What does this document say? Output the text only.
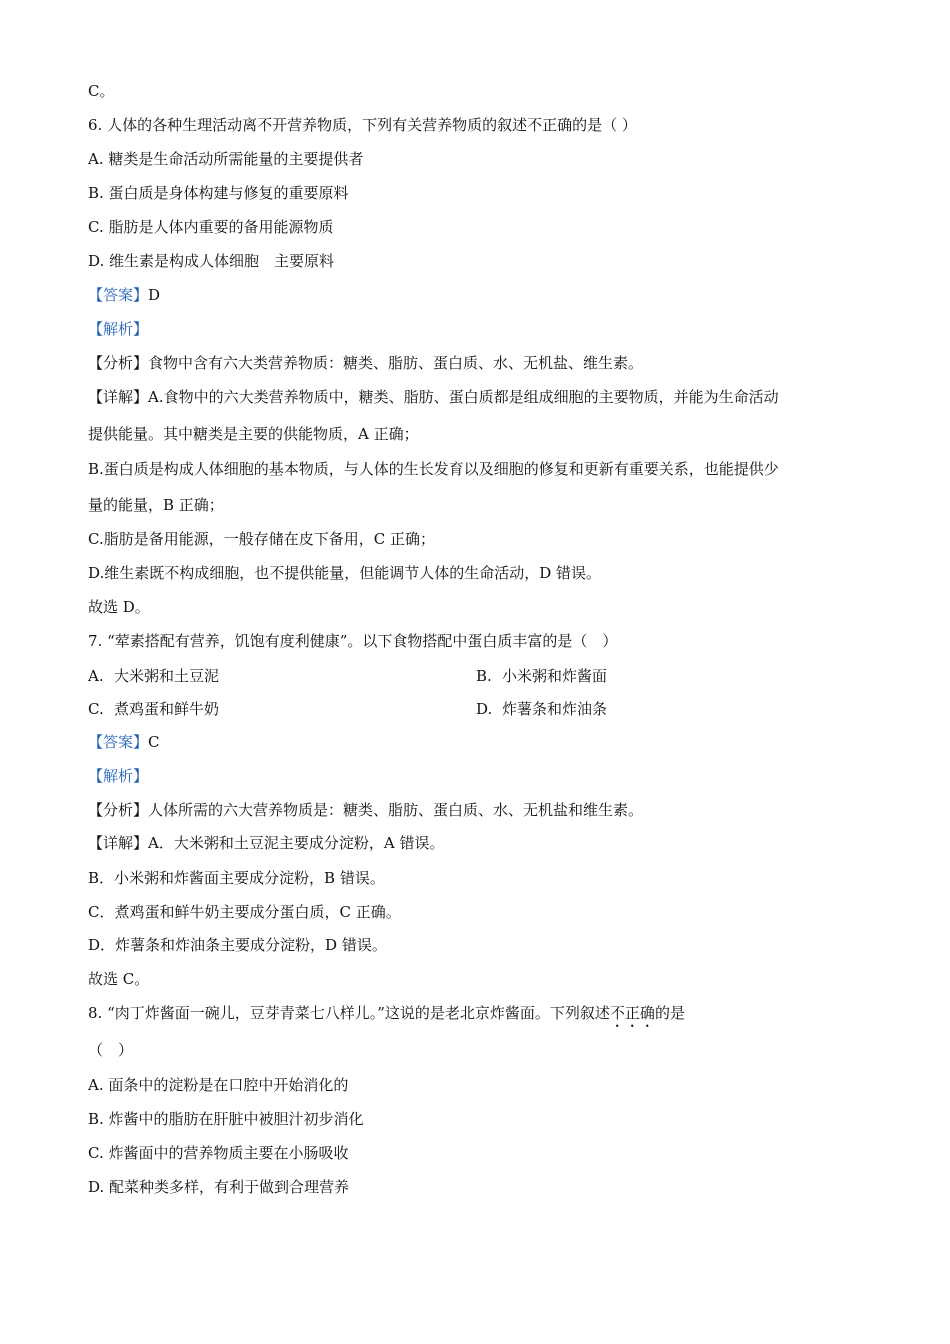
C。
6. 人体的各种生理活动离不开营养物质，下列有关营养物质的叙述不正确的是（ ）
A. 糖类是生命活动所需能量的主要提供者
B. 蛋白质是身体构建与修复的重要原料
C. 脂肪是人体内重要的备用能源物质
D. 维生素是构成人体细胞　主要原料
【答案】D
【解析】
【分析】食物中含有六大类营养物质：糖类、脂肪、蛋白质、水、无机盐、维生素。
【详解】A.食物中的六大类营养物质中，糖类、脂肪、蛋白质都是组成细胞的主要物质，并能为生命活动
提供能量。其中糖类是主要的供能物质，A 正确；
B.蛋白质是构成人体细胞的基本物质，与人体的生长发育以及细胞的修复和更新有重要关系，也能提供少
量的能量，B 正确；
C.脂肪是备用能源，一般存储在皮下备用，C 正确；
D.维生素既不构成细胞，也不提供能量，但能调节人体的生命活动，D 错误。
故选 D。
7. “荤素搭配有营养，饥饱有度利健康”。以下食物搭配中蛋白质丰富的是（　）
A. 大米粥和土豆泥	B. 小米粥和炸酱面
C. 煮鸡蛋和鲜牛奶	D. 炸薯条和炸油条
【答案】C
【解析】
【分析】人体所需的六大营养物质是：糖类、脂肪、蛋白质、水、无机盐和维生素。
【详解】A．大米粥和土豆泥主要成分淀粉，A 错误。
B．小米粥和炸酱面主要成分淀粉，B 错误。
C．煮鸡蛋和鲜牛奶主要成分蛋白质，C 正确。
D．炸薯条和炸油条主要成分淀粉，D 错误。
故选 C。
8. “肉丁炸酱面一碗儿，豆芽青菜七八样儿。”这说的是老北京炸酱面。下列叙述不正确的是
（　）
A. 面条中的淀粉是在口腔中开始消化的
B. 炸酱中的脂肪在肝脏中被胆汁初步消化
C. 炸酱面中的营养物质主要在小肠吸收
D. 配菜种类多样，有利于做到合理营养
